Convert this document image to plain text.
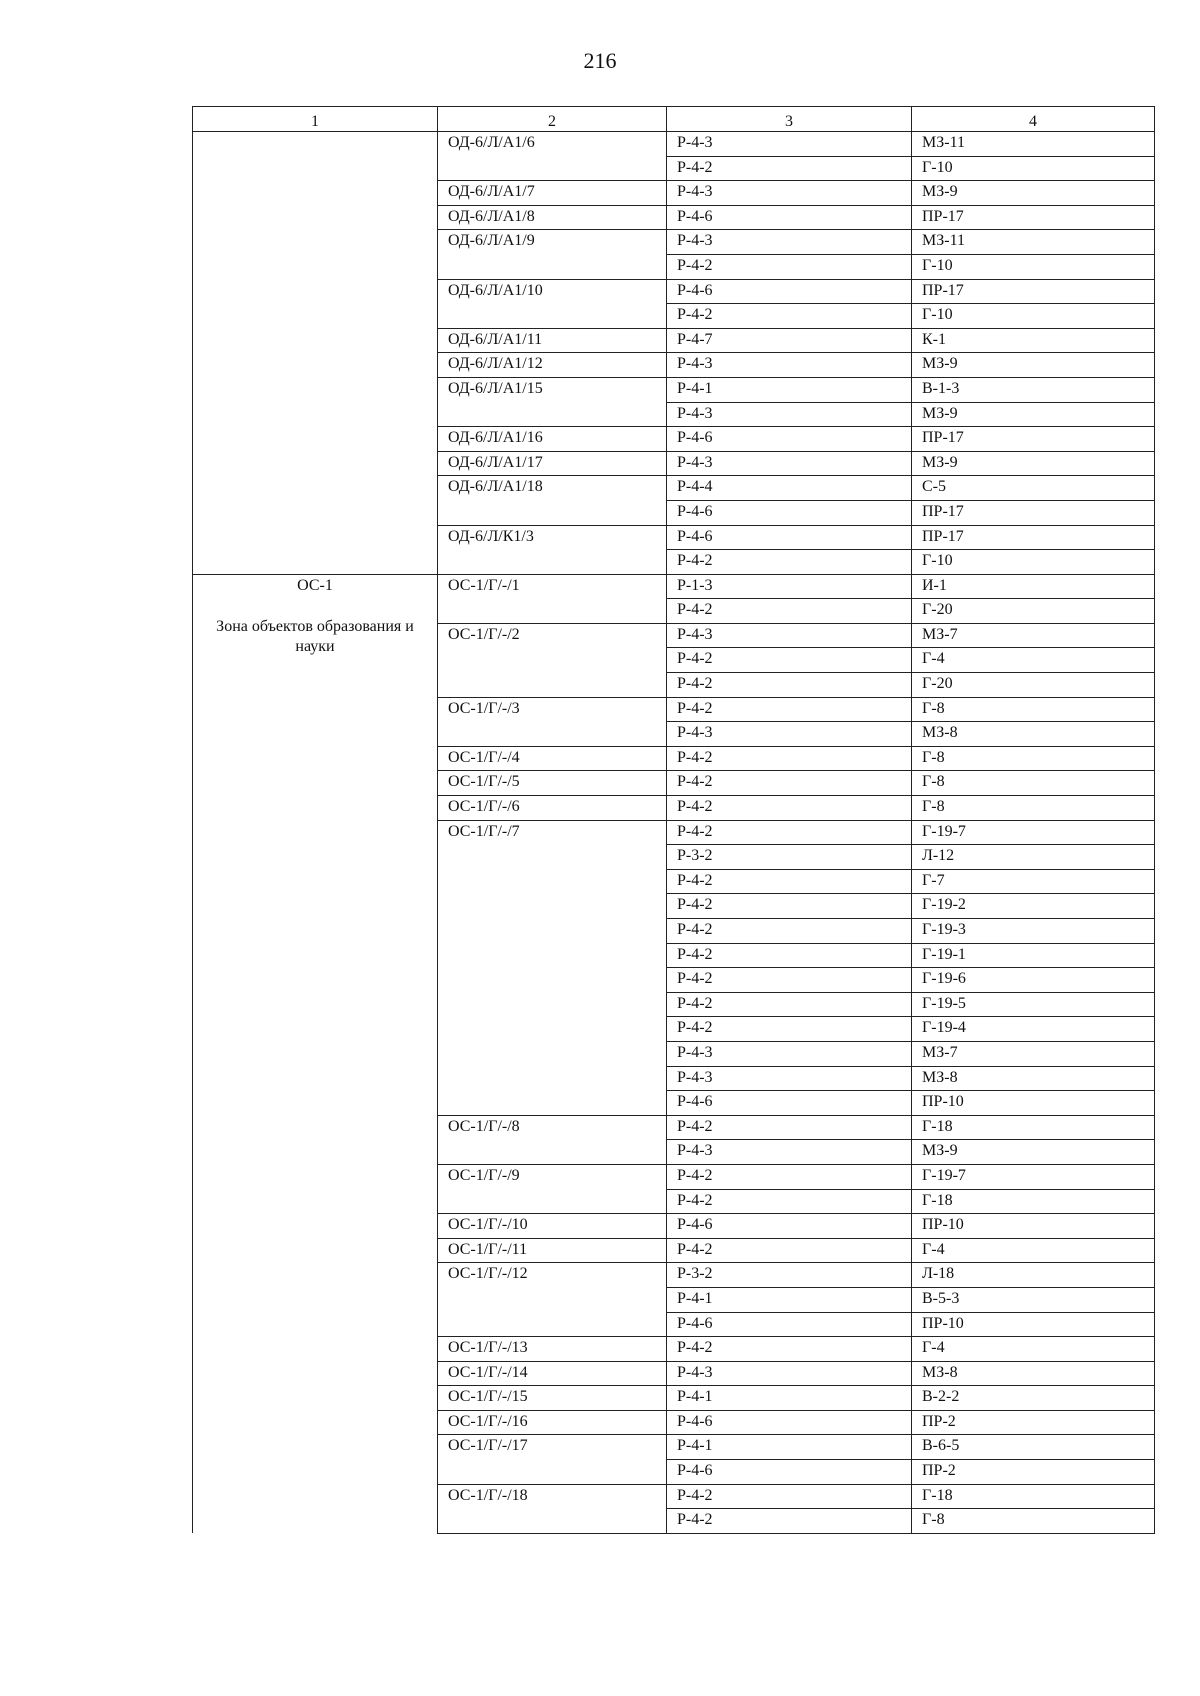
216
1	2	3	4

	ОД-6/Л/А1/6	Р-4-3	МЗ-11
		Р-4-2	Г-10
	ОД-6/Л/А1/7	Р-4-3	МЗ-9
	ОД-6/Л/А1/8	Р-4-6	ПР-17
	ОД-6/Л/А1/9	Р-4-3	МЗ-11
		Р-4-2	Г-10
	ОД-6/Л/А1/10	Р-4-6	ПР-17
		Р-4-2	Г-10
	ОД-6/Л/А1/11	Р-4-7	К-1
	ОД-6/Л/А1/12	Р-4-3	МЗ-9
	ОД-6/Л/А1/15	Р-4-1	В-1-3
		Р-4-3	МЗ-9
	ОД-6/Л/А1/16	Р-4-6	ПР-17
	ОД-6/Л/А1/17	Р-4-3	МЗ-9
	ОД-6/Л/А1/18	Р-4-4	С-5
		Р-4-6	ПР-17
	ОД-6/Л/К1/3	Р-4-6	ПР-17
		Р-4-2	Г-10

ОС-1
Зона объектов образования и науки	ОС-1/Г/-/1	Р-1-3	И-1
		Р-4-2	Г-20
	ОС-1/Г/-/2	Р-4-3	МЗ-7
		Р-4-2	Г-4
		Р-4-2	Г-20
	ОС-1/Г/-/3	Р-4-2	Г-8
		Р-4-3	МЗ-8
	ОС-1/Г/-/4	Р-4-2	Г-8
	ОС-1/Г/-/5	Р-4-2	Г-8
	ОС-1/Г/-/6	Р-4-2	Г-8
	ОС-1/Г/-/7	Р-4-2	Г-19-7
		Р-3-2	Л-12
		Р-4-2	Г-7
		Р-4-2	Г-19-2
		Р-4-2	Г-19-3
		Р-4-2	Г-19-1
		Р-4-2	Г-19-6
		Р-4-2	Г-19-5
		Р-4-2	Г-19-4
		Р-4-3	МЗ-7
		Р-4-3	МЗ-8
		Р-4-6	ПР-10
	ОС-1/Г/-/8	Р-4-2	Г-18
		Р-4-3	МЗ-9
	ОС-1/Г/-/9	Р-4-2	Г-19-7
		Р-4-2	Г-18
	ОС-1/Г/-/10	Р-4-6	ПР-10
	ОС-1/Г/-/11	Р-4-2	Г-4
	ОС-1/Г/-/12	Р-3-2	Л-18
		Р-4-1	В-5-3
		Р-4-6	ПР-10
	ОС-1/Г/-/13	Р-4-2	Г-4
	ОС-1/Г/-/14	Р-4-3	МЗ-8
	ОС-1/Г/-/15	Р-4-1	В-2-2
	ОС-1/Г/-/16	Р-4-6	ПР-2
	ОС-1/Г/-/17	Р-4-1	В-6-5
		Р-4-6	ПР-2
	ОС-1/Г/-/18	Р-4-2	Г-18
		Р-4-2	Г-8
